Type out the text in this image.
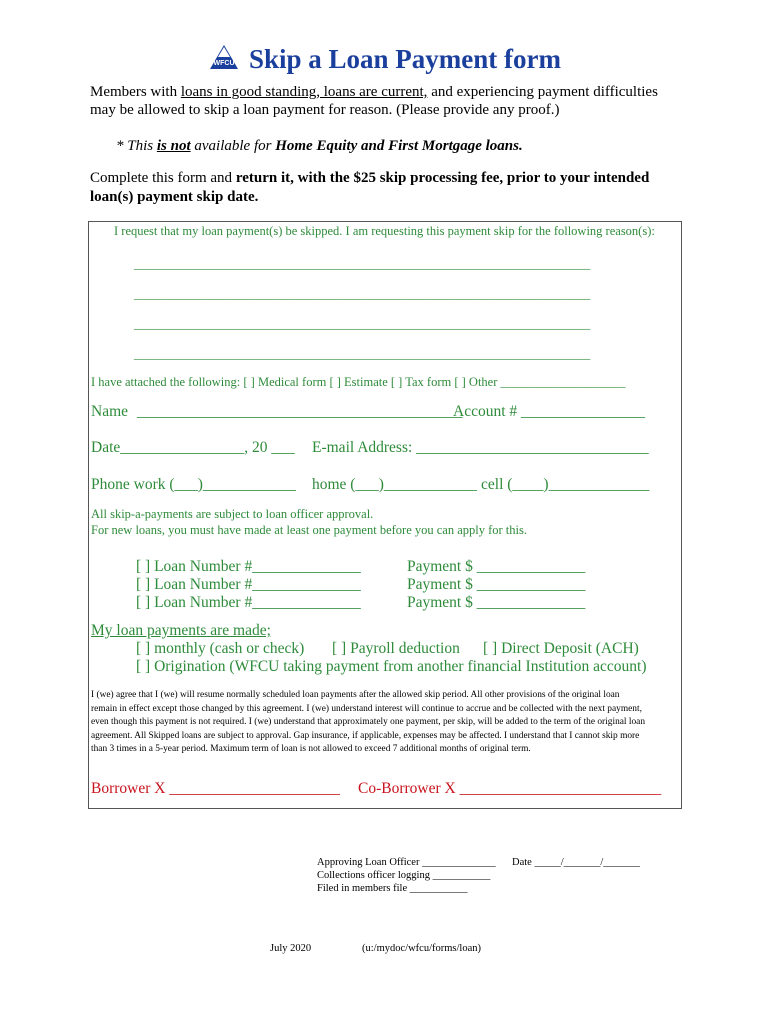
WFCU Skip a Loan Payment form
Members with loans in good standing, loans are current, and experiencing payment difficulties
may be allowed to skip a loan payment for reason. (Please provide any proof.)
* This is not available for Home Equity and First Mortgage loans.
Complete this form and return it, with the $25 skip processing fee, prior to your intended
loan(s) payment skip date.
I request that my loan payment(s) be skipped. I am requesting this payment skip for the following reason(s):
_________________________________________________________________________
_________________________________________________________________________
_________________________________________________________________________
_________________________________________________________________________
I have attached the following: [ ] Medical form [ ] Estimate [ ] Tax form [ ] Other ____________________
Name __________________________________________
Account # ________________
Date________________, 20 ___ E-mail Address: ______________________________
Phone work (___)____________ home (___)____________ cell (____)_____________
All skip-a-payments are subject to loan officer approval.
For new loans, you must have made at least one payment before you can apply for this.
[ ] Loan Number #______________
[ ] Loan Number #______________
[ ] Loan Number #______________
Payment $ ______________
Payment $ ______________
Payment $ ______________
My loan payments are made;
[ ] monthly (cash or check) [ ] Payroll deduction [ ] Direct Deposit (ACH)
[ ] Origination (WFCU taking payment from another financial Institution account)
I (we) agree that I (we) will resume normally scheduled loan payments after the allowed skip period. All other provisions of the original loan
remain in effect except those changed by this agreement. I (we) understand interest will continue to accrue and be collected with the next payment,
even though this payment is not required. I (we) understand that approximately one payment, per skip, will be added to the term of the original loan
agreement. All Skipped loans are subject to approval. Gap insurance, if applicable, expenses may be affected. I understand that I cannot skip more
than 3 times in a 5-year period. Maximum term of loan is not allowed to exceed 7 additional months of original term.
Borrower X ______________________ Co-Borrower X __________________________
Approving Loan Officer ______________
Collections officer logging ___________
Filed in members file ___________
Date _____/_______/_______
July 2020	(u:/mydoc/wfcu/forms/loan)
